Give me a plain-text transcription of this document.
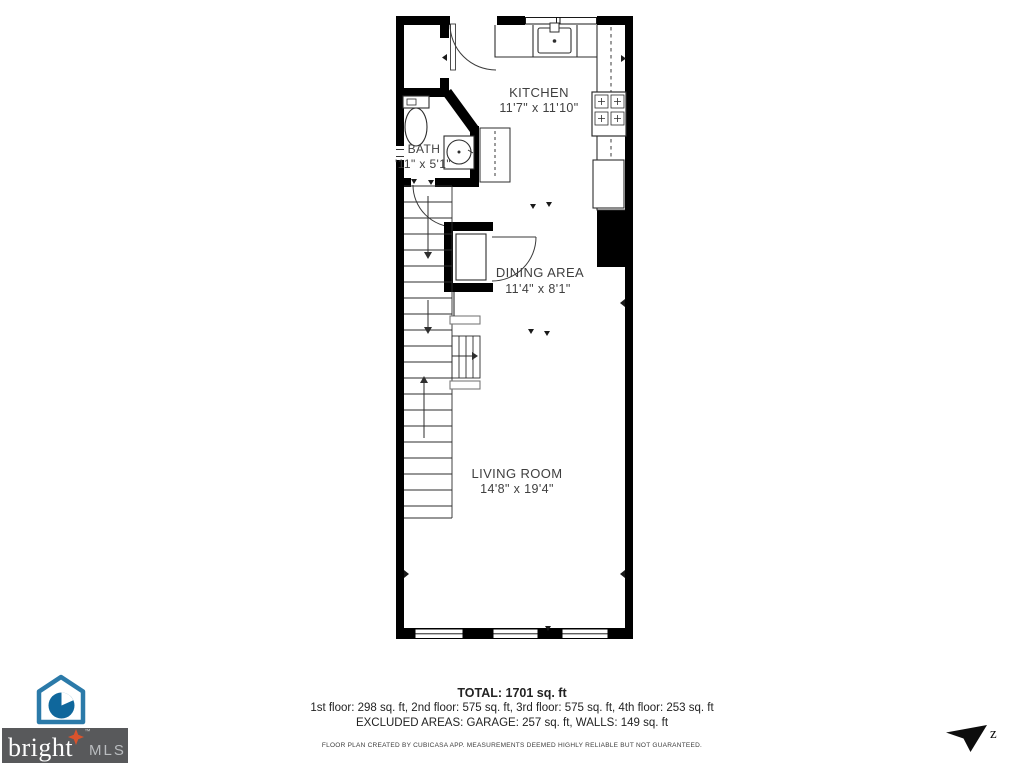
KITCHEN
11'7" x 11'10"
BATH
'11" x 5'1"
DINING AREA
11'4" x 8'1"
LIVING ROOM
14'8" x 19'4"
bright
™
MLS
z
TOTAL: 1701 sq. ft
1st floor: 298 sq. ft, 2nd floor: 575 sq. ft, 3rd floor: 575 sq. ft, 4th floor: 253 sq. ft
EXCLUDED AREAS: GARAGE: 257 sq. ft, WALLS: 149 sq. ft
FLOOR PLAN CREATED BY CUBICASA APP. MEASUREMENTS DEEMED HIGHLY RELIABLE BUT NOT GUARANTEED.
